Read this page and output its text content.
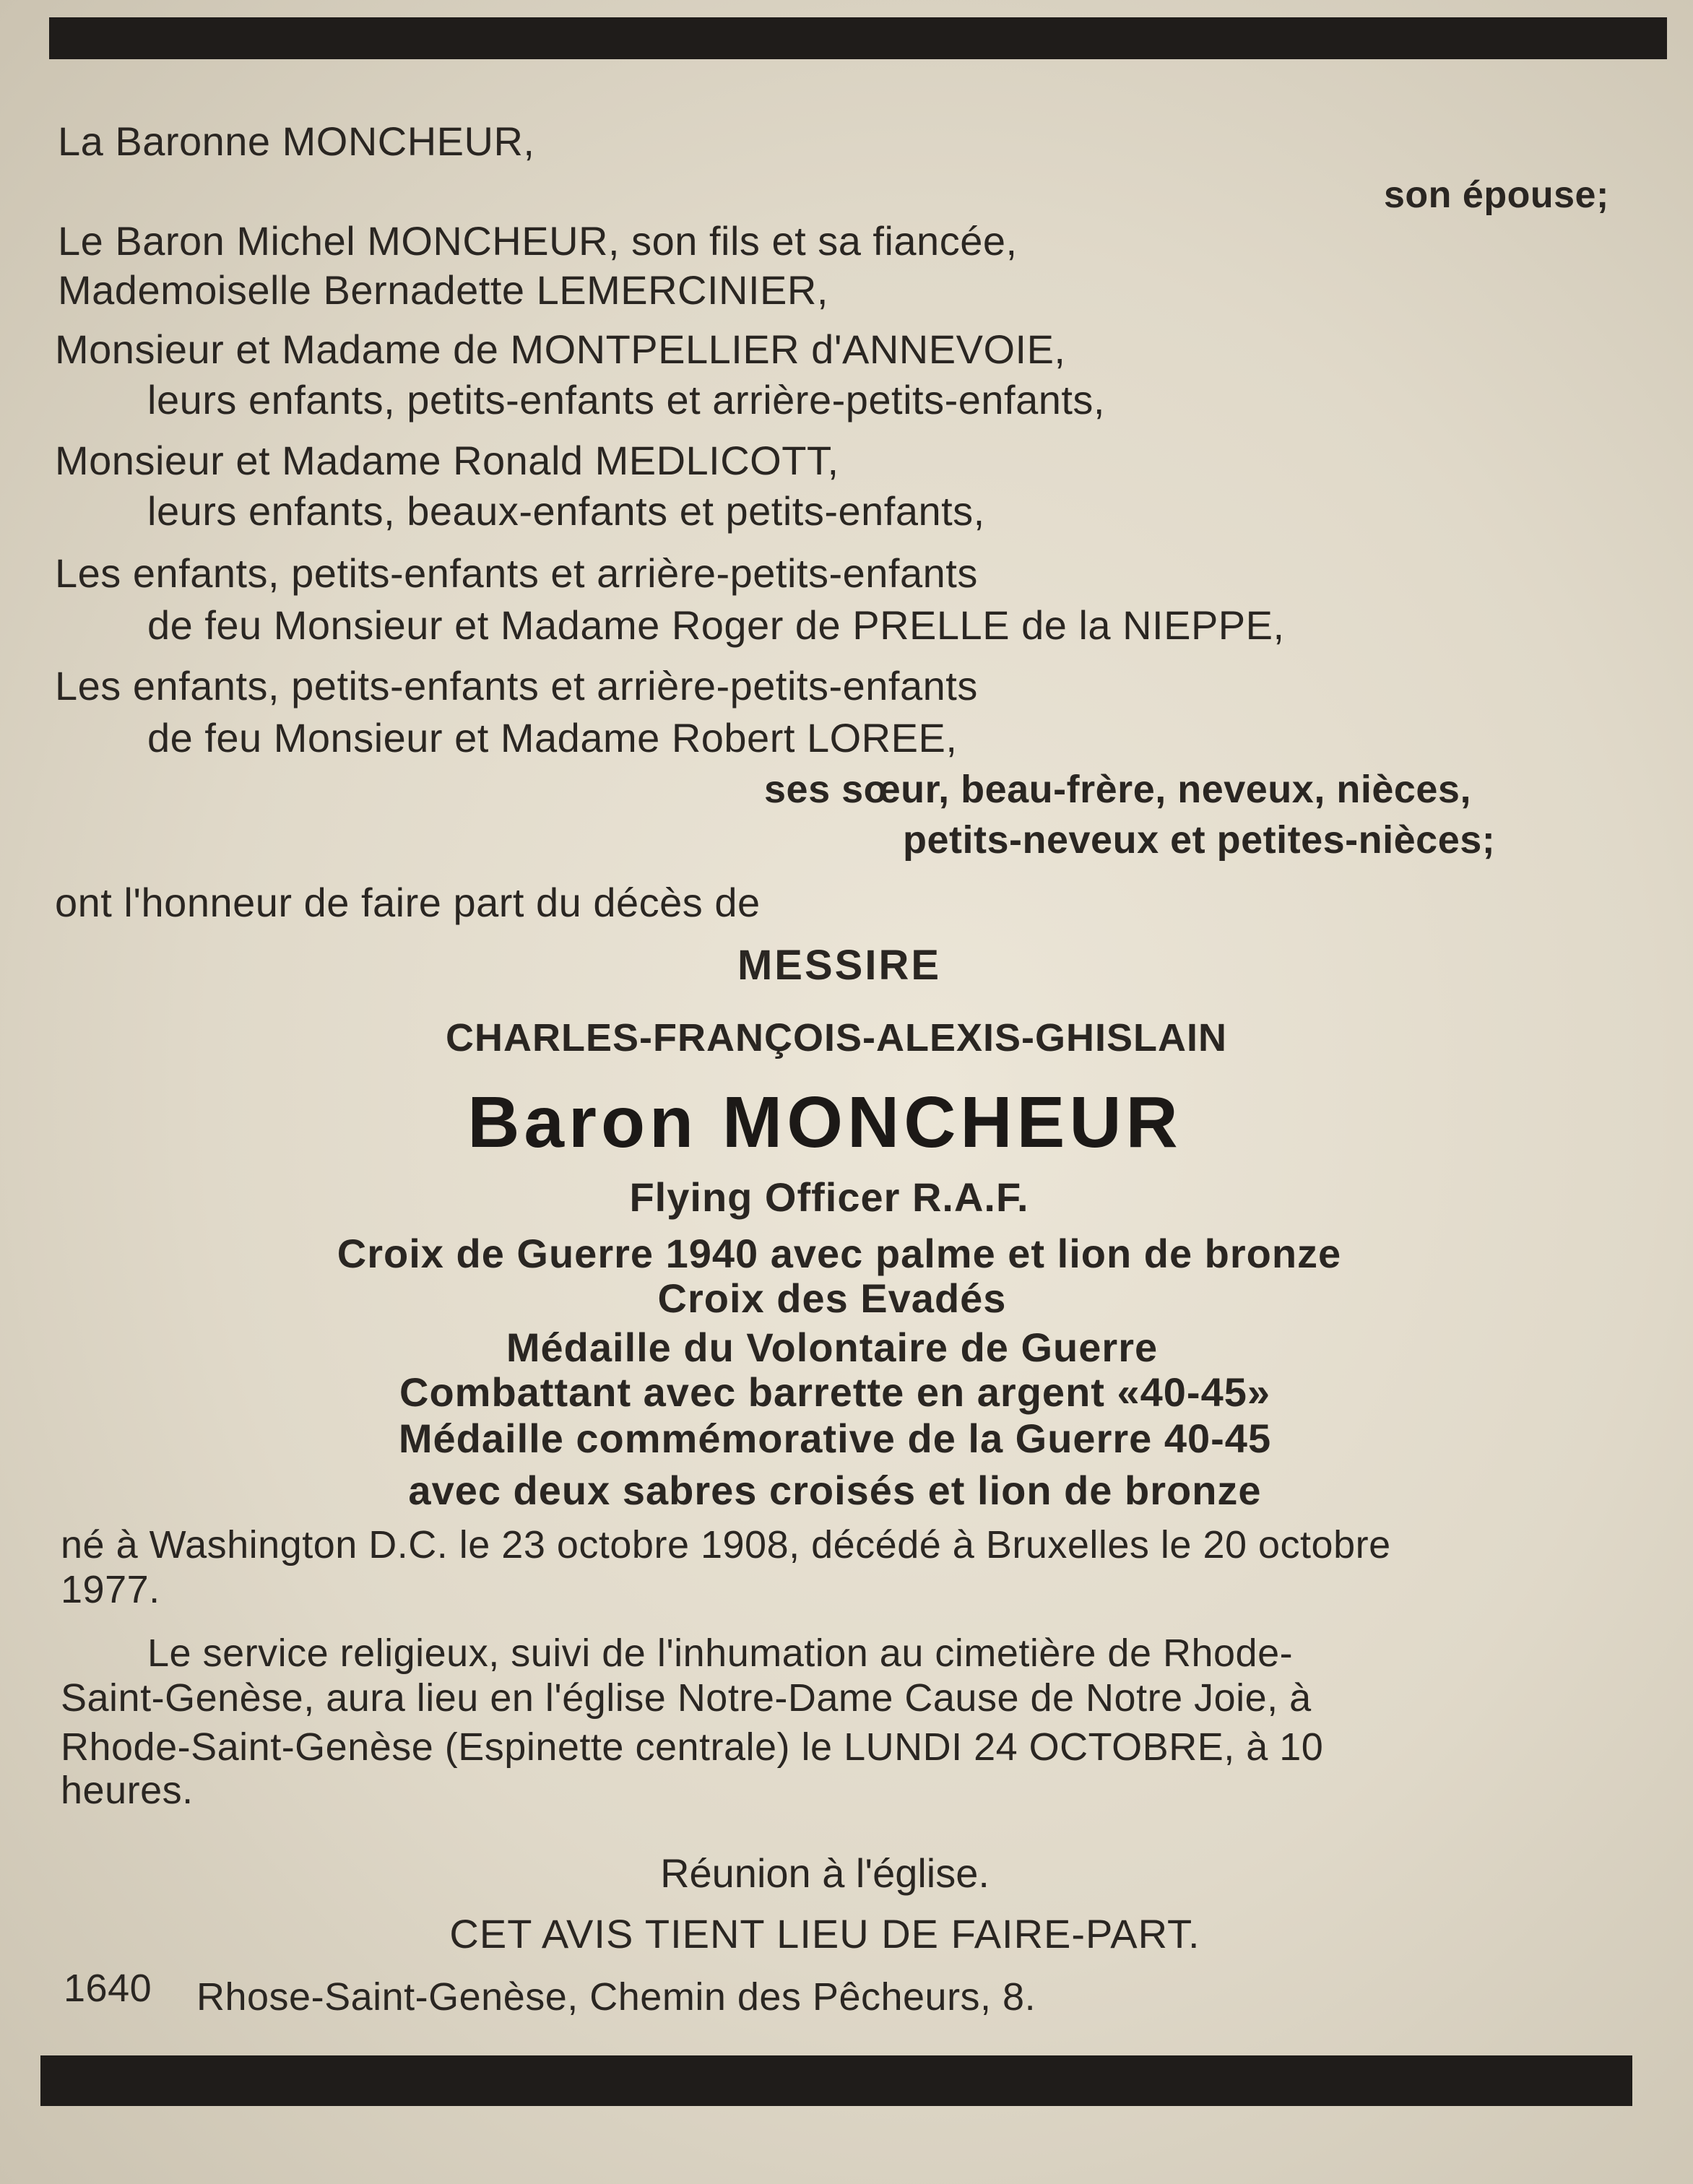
La Baronne MONCHEUR,
son épouse;
Le Baron Michel MONCHEUR, son fils et sa fiancée,
Mademoiselle Bernadette LEMERCINIER,
Monsieur et Madame de MONTPELLIER d'ANNEVOIE,
leurs enfants, petits-enfants et arrière-petits-enfants,
Monsieur et Madame Ronald MEDLICOTT,
leurs enfants, beaux-enfants et petits-enfants,
Les enfants, petits-enfants et arrière-petits-enfants
de feu Monsieur et Madame Roger de PRELLE de la NIEPPE,
Les enfants, petits-enfants et arrière-petits-enfants
de feu Monsieur et Madame Robert LOREE,
ses sœur, beau-frère, neveux, nièces,
petits-neveux et petites-nièces;
ont l'honneur de faire part du décès de
MESSIRE
CHARLES-FRANÇOIS-ALEXIS-GHISLAIN
Baron MONCHEUR
Flying Officer R.A.F.
Croix de Guerre 1940 avec palme et lion de bronze
Croix des Evadés
Médaille du Volontaire de Guerre
Combattant avec barrette en argent «40-45»
Médaille commémorative de la Guerre 40-45
avec deux sabres croisés et lion de bronze
né à Washington D.C. le 23 octobre 1908, décédé à Bruxelles le 20 octobre
1977.
Le service religieux, suivi de l'inhumation au cimetière de Rhode-
Saint-Genèse, aura lieu en l'église Notre-Dame Cause de Notre Joie, à
Rhode-Saint-Genèse (Espinette centrale) le LUNDI 24 OCTOBRE, à 10
heures.
Réunion à l'église.
CET AVIS TIENT LIEU DE FAIRE-PART.
1640 Rhose-Saint-Genèse, Chemin des Pêcheurs, 8.
